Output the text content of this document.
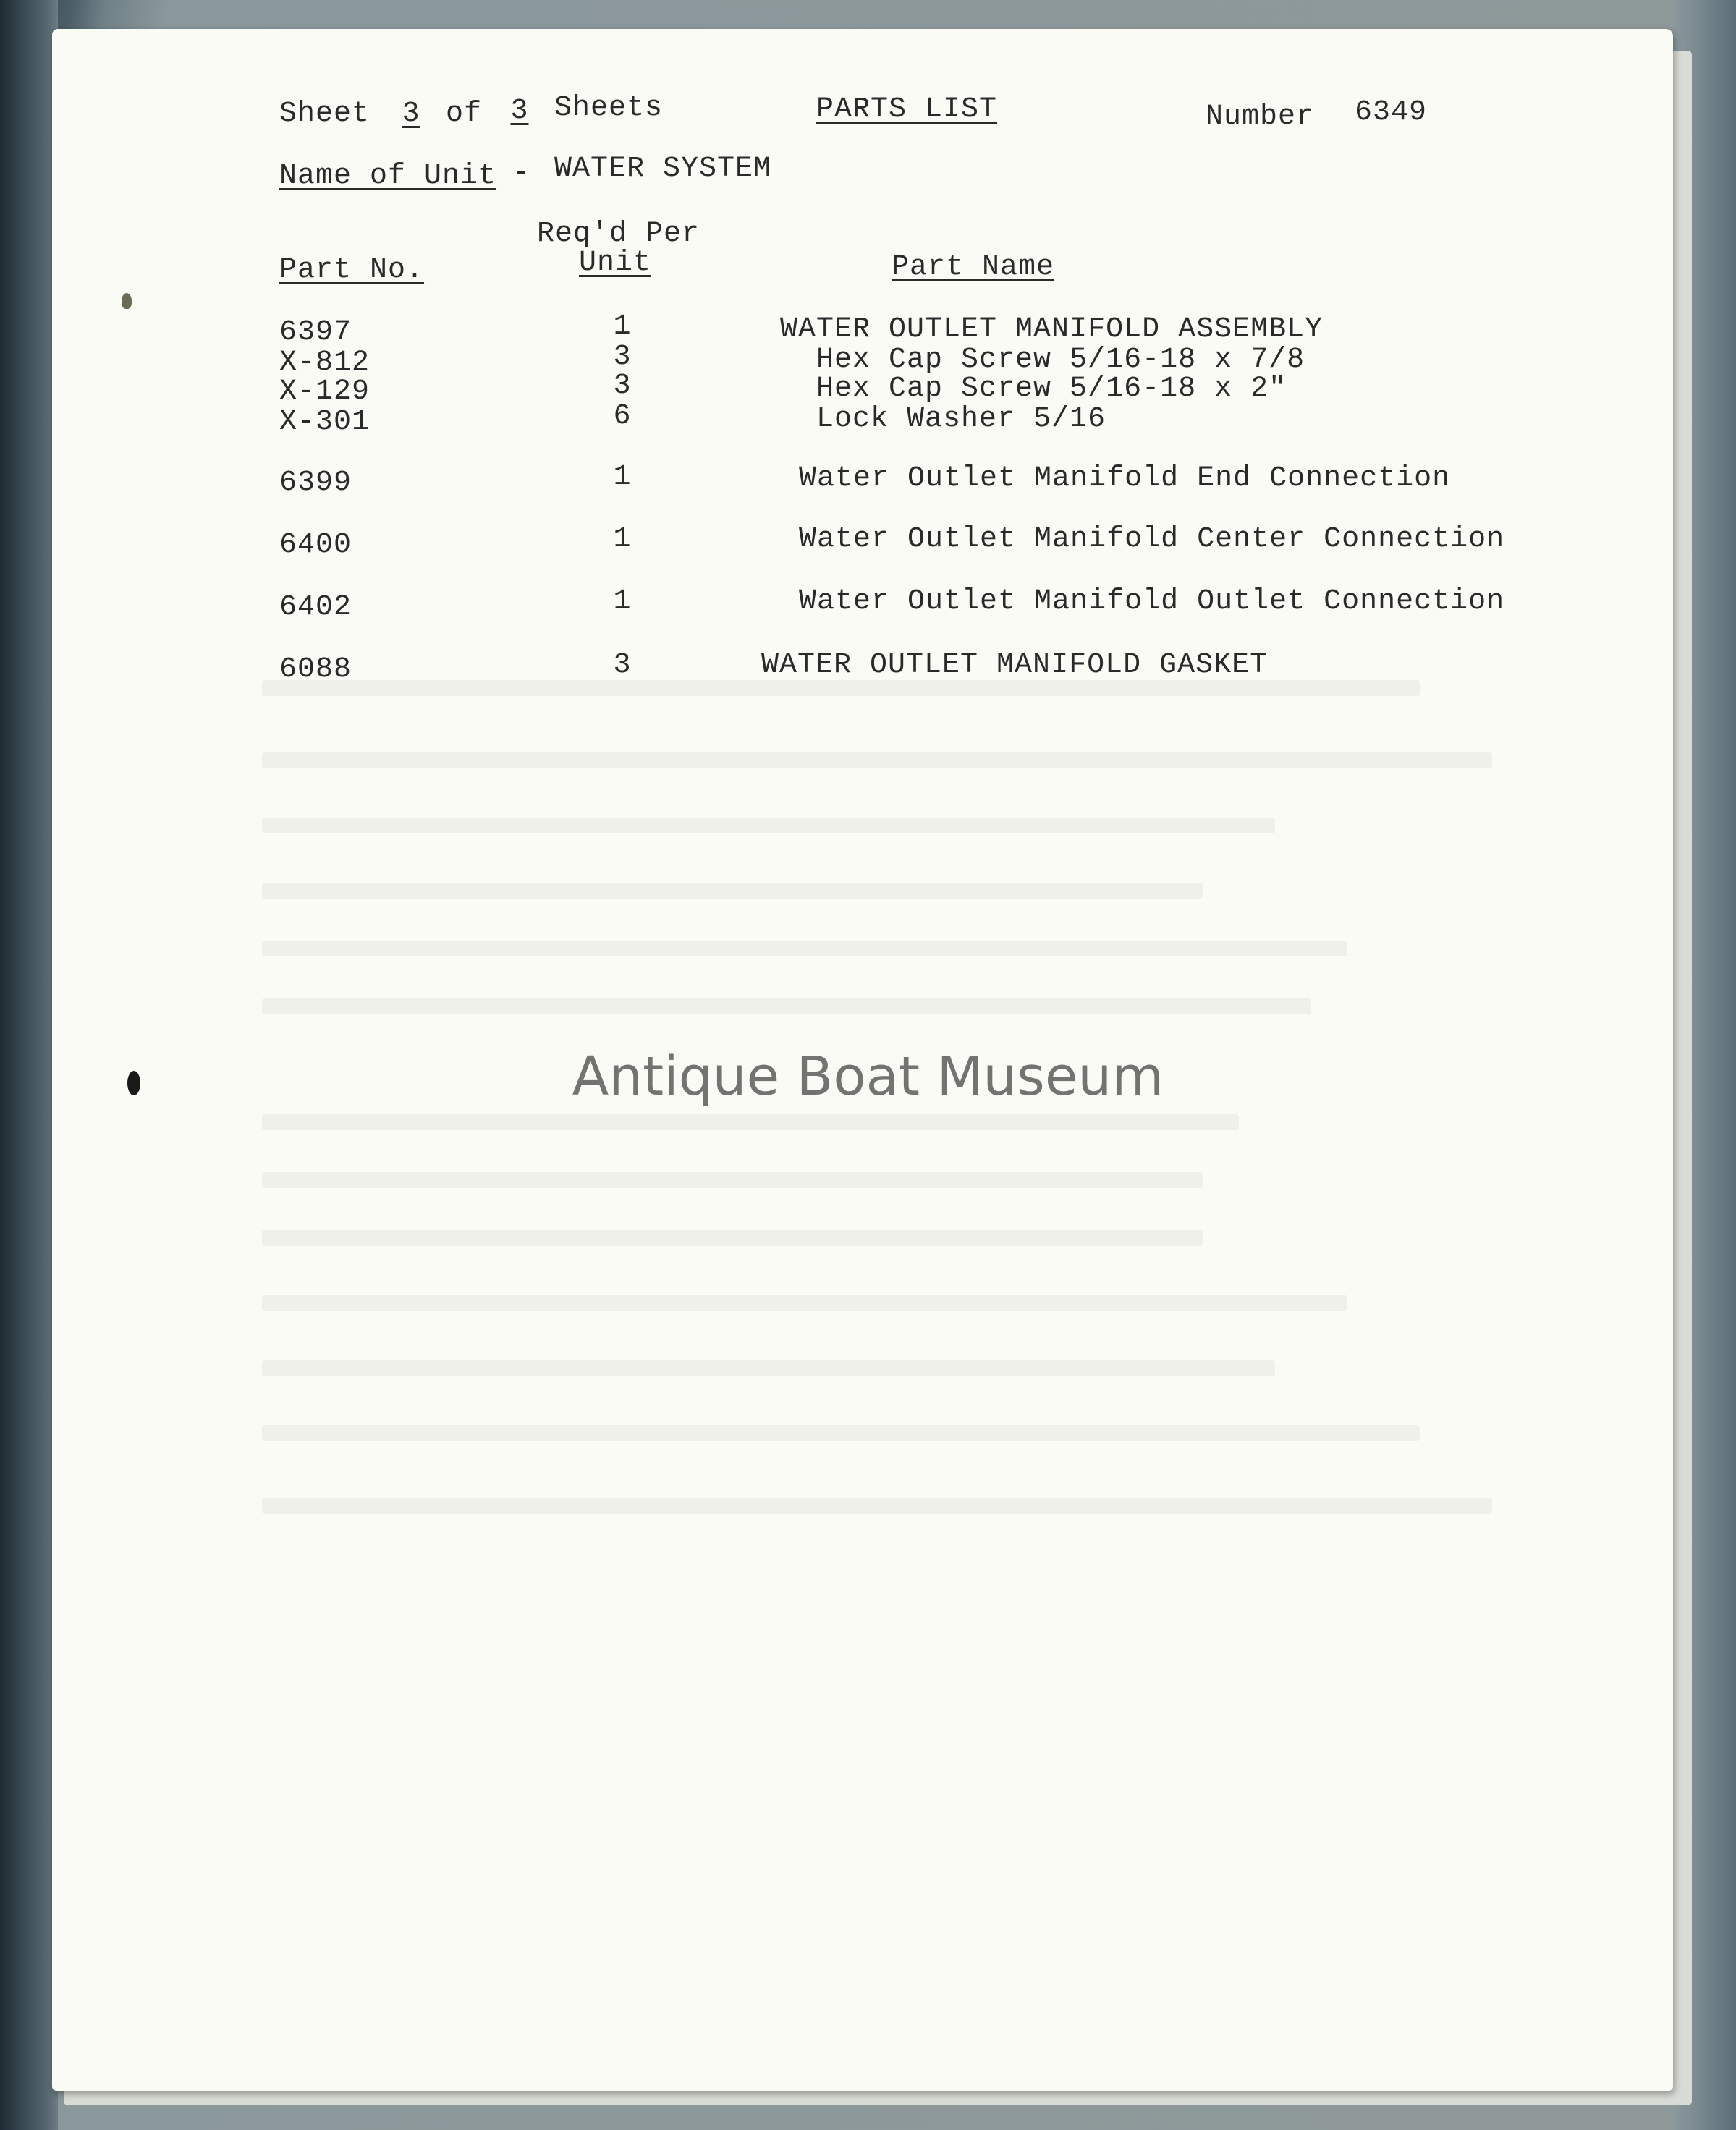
Sheet	3 of 3 Sheets	PARTS LIST	Number 6349
Name of Unit - WATER SYSTEM
Req'd Per
Unit
Part No.	Part Name
6397	1	WATER OUTLET MANIFOLD ASSEMBLY
X-812	3	Hex Cap Screw 5/16-18 x 7/8
X-129	3	Hex Cap Screw 5/16-18 x 2"
X-301	6	Lock Washer 5/16
6399	1	Water Outlet Manifold End Connection
6400	1	Water Outlet Manifold Center Connection
6402	1	Water Outlet Manifold Outlet Connection
6088	3	WATER OUTLET MANIFOLD GASKET
Antique Boat Museum
